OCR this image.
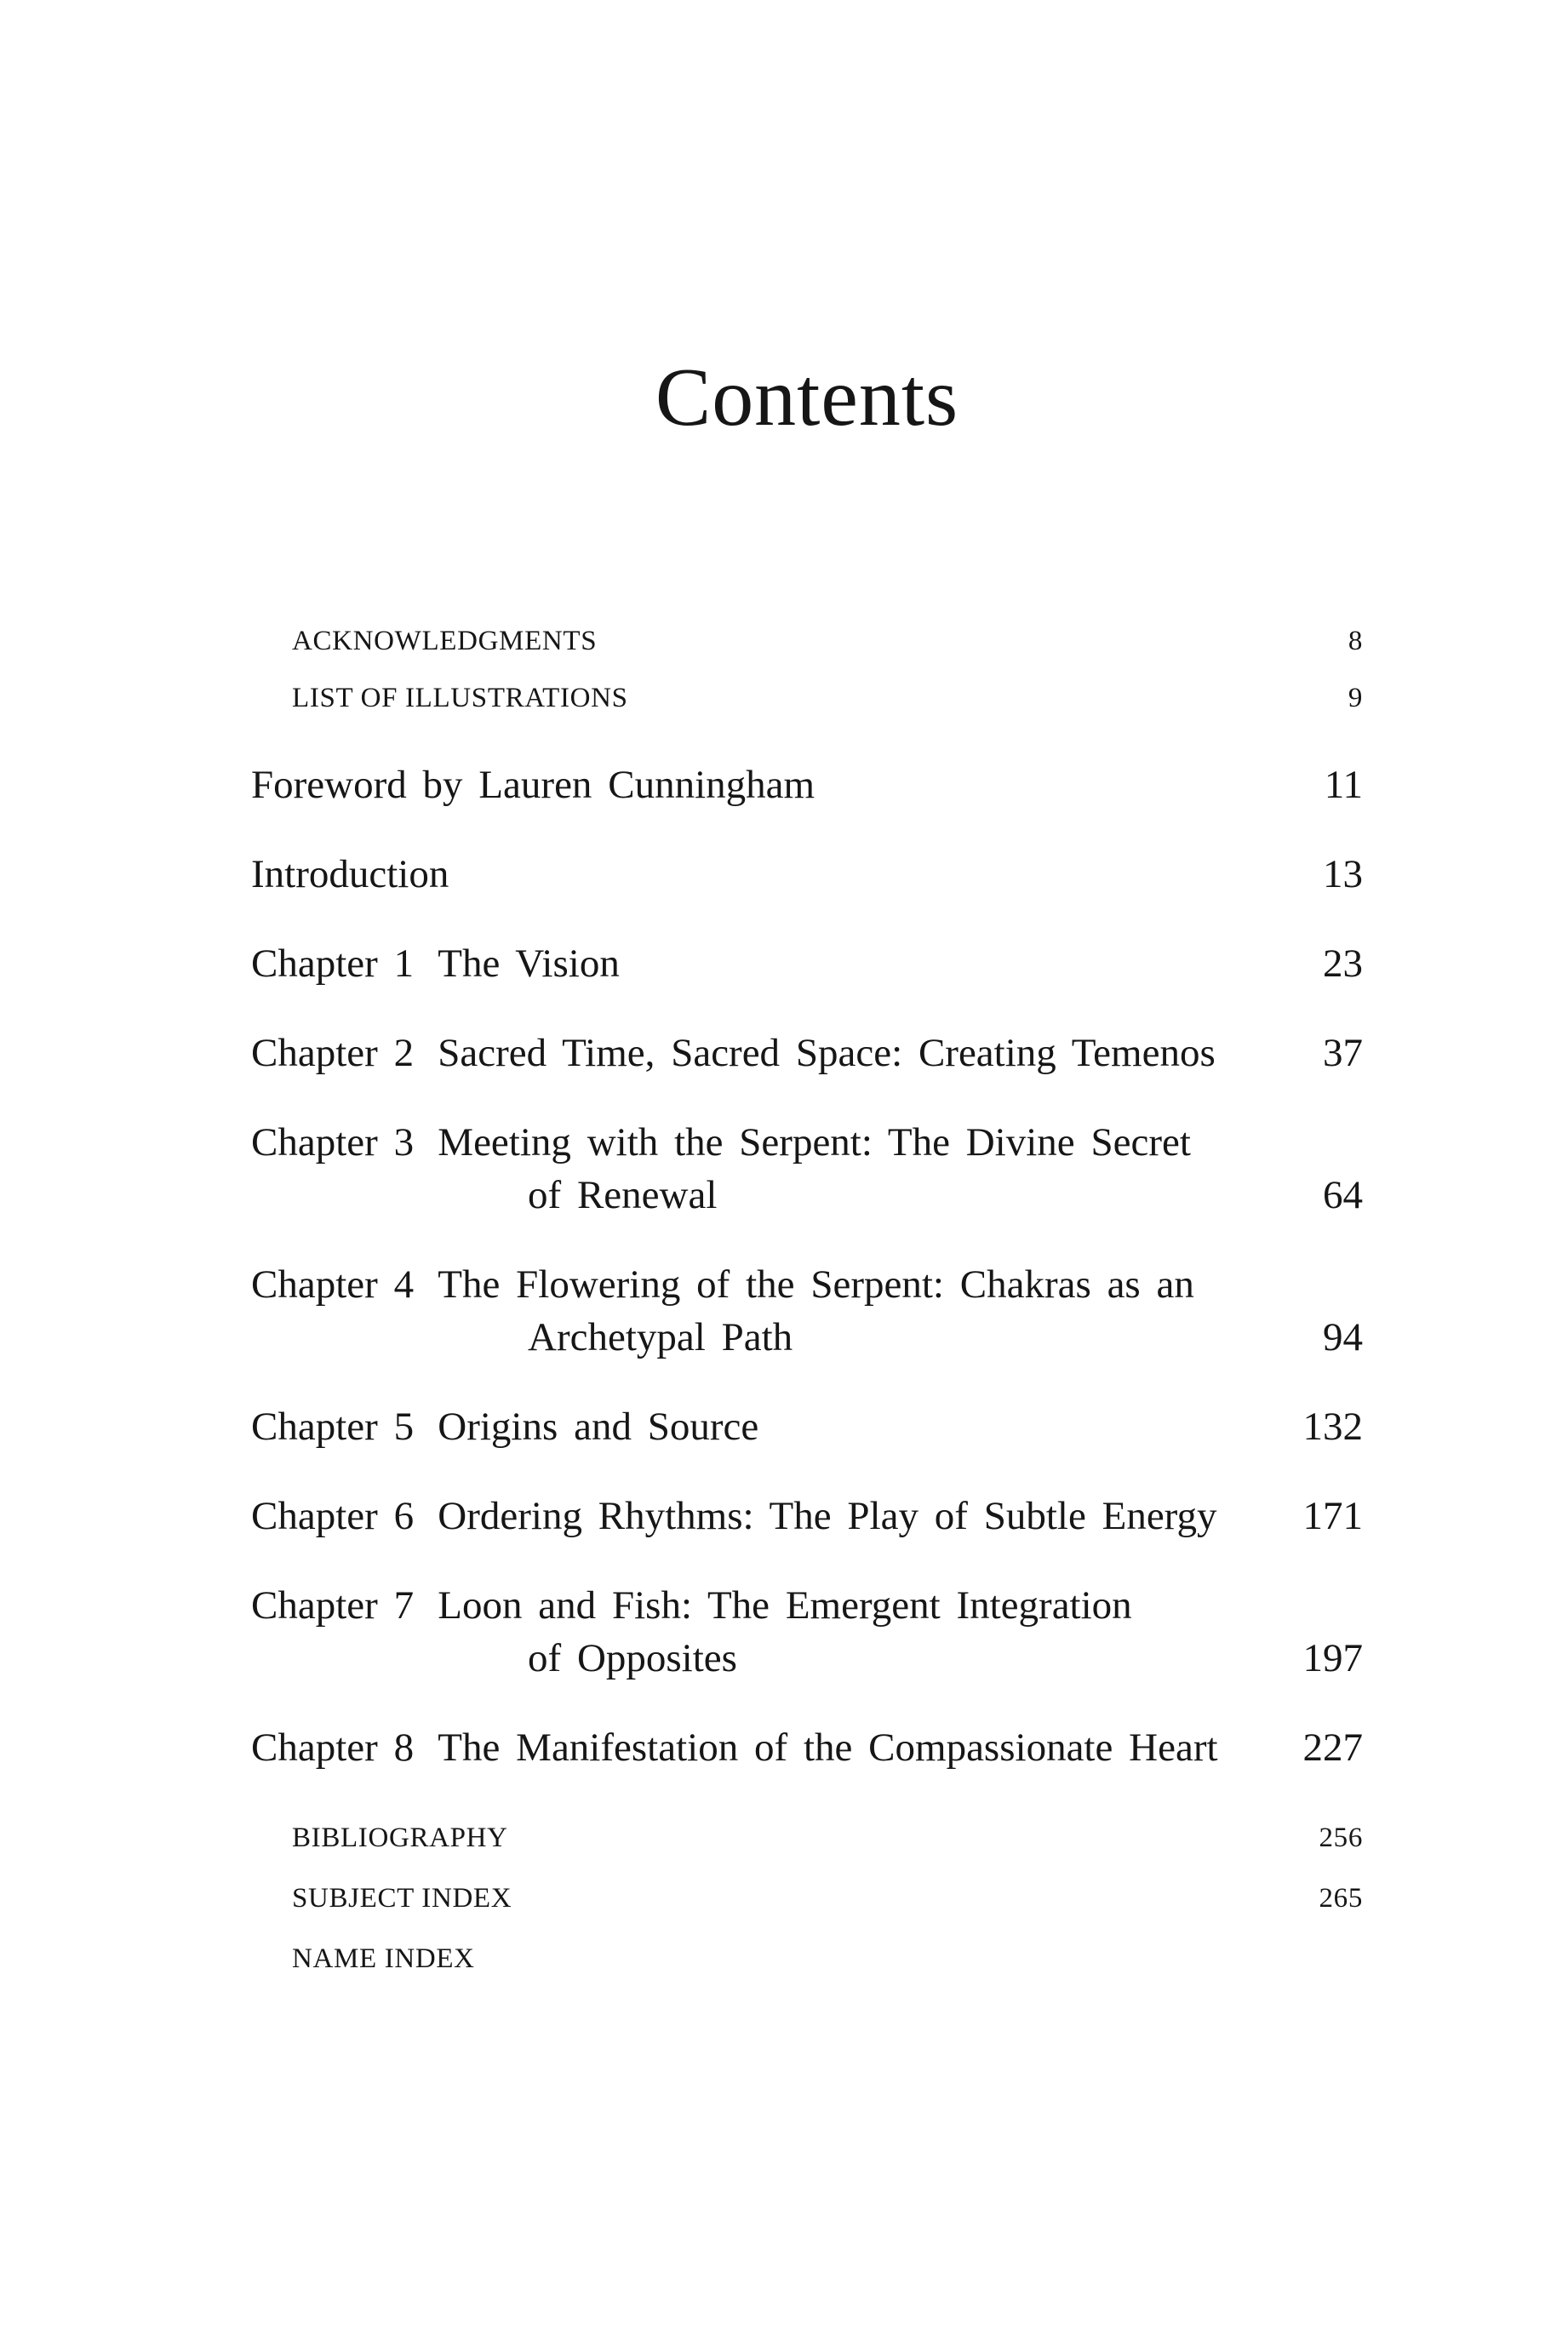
Contents
ACKNOWLEDGMENTS	8
LIST OF ILLUSTRATIONS	9
Foreword by Lauren Cunningham	11
Introduction	13
Chapter 1 The Vision	23
Chapter 2 Sacred Time, Sacred Space: Creating Temenos	37
Chapter 3 Meeting with the Serpent: The Divine Secret
of Renewal	64
Chapter 4 The Flowering of the Serpent: Chakras as an
Archetypal Path	94
Chapter 5 Origins and Source	132
Chapter 6 Ordering Rhythms: The Play of Subtle Energy	171
Chapter 7 Loon and Fish: The Emergent Integration
of Opposites	197
Chapter 8 The Manifestation of the Compassionate Heart	227
BIBLIOGRAPHY	256
SUBJECT INDEX	265
NAME INDEX
